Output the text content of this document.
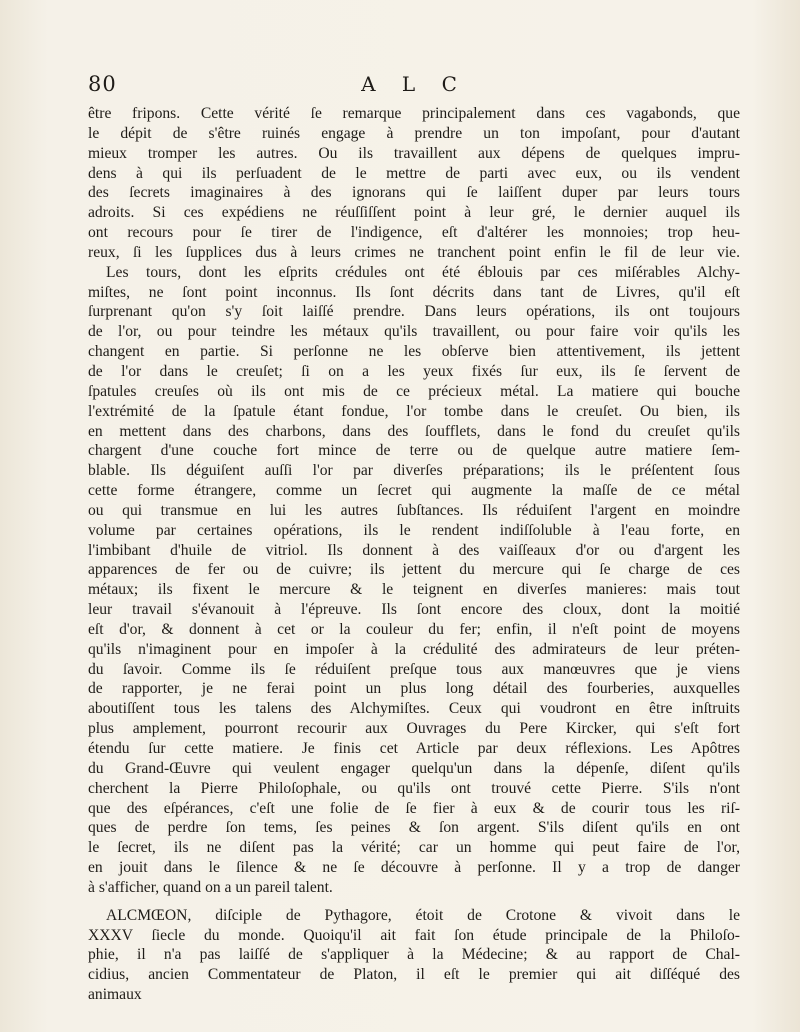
80	A L C
être fripons. Cette vérité ſe remarque principalement dans ces vagabonds, que
le dépit de s'être ruinés engage à prendre un ton impoſant, pour d'autant
mieux tromper les autres. Ou ils travaillent aux dépens de quelques impru-
dens à qui ils perſuadent de le mettre de parti avec eux, ou ils vendent
des ſecrets imaginaires à des ignorans qui ſe laiſſent duper par leurs tours
adroits. Si ces expédiens ne réuſſiſſent point à leur gré, le dernier auquel ils
ont recours pour ſe tirer de l'indigence, eſt d'altérer les monnoies; trop heu-
reux, ſi les ſupplices dus à leurs crimes ne tranchent point enfin le fil de leur vie.
Les tours, dont les eſprits crédules ont été éblouis par ces miſérables Alchy-
miſtes, ne ſont point inconnus. Ils ſont décrits dans tant de Livres, qu'il eſt
ſurprenant qu'on s'y ſoit laiſſé prendre. Dans leurs opérations, ils ont toujours
de l'or, ou pour teindre les métaux qu'ils travaillent, ou pour faire voir qu'ils les
changent en partie. Si perſonne ne les obſerve bien attentivement, ils jettent
de l'or dans le creuſet; ſi on a les yeux fixés ſur eux, ils ſe ſervent de
ſpatules creuſes où ils ont mis de ce précieux métal. La matiere qui bouche
l'extrémité de la ſpatule étant fondue, l'or tombe dans le creuſet. Ou bien, ils
en mettent dans des charbons, dans des ſoufflets, dans le fond du creuſet qu'ils
chargent d'une couche fort mince de terre ou de quelque autre matiere ſem-
blable. Ils déguiſent auſſi l'or par diverſes préparations; ils le préſentent ſous
cette forme étrangere, comme un ſecret qui augmente la maſſe de ce métal
ou qui transmue en lui les autres ſubſtances. Ils réduiſent l'argent en moindre
volume par certaines opérations, ils le rendent indiſſoluble à l'eau forte, en
l'imbibant d'huile de vitriol. Ils donnent à des vaiſſeaux d'or ou d'argent les
apparences de fer ou de cuivre; ils jettent du mercure qui ſe charge de ces
métaux; ils fixent le mercure & le teignent en diverſes manieres: mais tout
leur travail s'évanouit à l'épreuve. Ils ſont encore des cloux, dont la moitié
eſt d'or, & donnent à cet or la couleur du fer; enfin, il n'eſt point de moyens
qu'ils n'imaginent pour en impoſer à la crédulité des admirateurs de leur préten-
du ſavoir. Comme ils ſe réduiſent preſque tous aux manœuvres que je viens
de rapporter, je ne ferai point un plus long détail des fourberies, auxquelles
aboutiſſent tous les talens des Alchymiſtes. Ceux qui voudront en être inſtruits
plus amplement, pourront recourir aux Ouvrages du Pere Kircker, qui s'eſt fort
étendu ſur cette matiere. Je finis cet Article par deux réflexions. Les Apôtres
du Grand-Œuvre qui veulent engager quelqu'un dans la dépenſe, diſent qu'ils
cherchent la Pierre Philoſophale, ou qu'ils ont trouvé cette Pierre. S'ils n'ont
que des eſpérances, c'eſt une folie de ſe fier à eux & de courir tous les riſ-
ques de perdre ſon tems, ſes peines & ſon argent. S'ils diſent qu'ils en ont
le ſecret, ils ne diſent pas la vérité; car un homme qui peut faire de l'or,
en jouit dans le ſilence & ne ſe découvre à perſonne. Il y a trop de danger
à s'afficher, quand on a un pareil talent.
ALCMŒON, diſciple de Pythagore, étoit de Crotone & vivoit dans le
XXXV ſiecle du monde. Quoiqu'il ait fait ſon étude principale de la Philoſo-
phie, il n'a pas laiſſé de s'appliquer à la Médecine; & au rapport de Chal-
cidius, ancien Commentateur de Platon, il eſt le premier qui ait diſſéqué des
animaux
